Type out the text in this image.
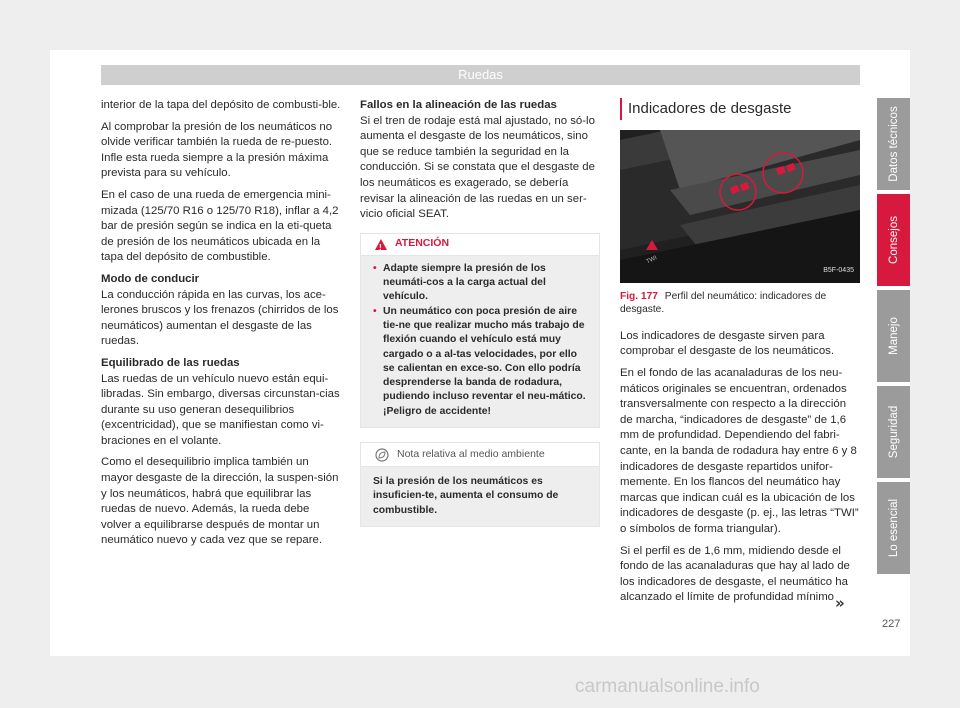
Ruedas

interior de la tapa del depósito de combusti-ble.

Al comprobar la presión de los neumáticos no olvide verificar también la rueda de re-puesto. Infle esta rueda siempre a la presión máxima prevista para su vehículo.

En el caso de una rueda de emergencia mini-mizada (125/70 R16 o 125/70 R18), inflar a 4,2 bar de presión según se indica en la eti-queta de presión de los neumáticos ubicada en la tapa del depósito de combustible.

Modo de conducir

La conducción rápida en las curvas, los ace-lerones bruscos y los frenazos (chirridos de los neumáticos) aumentan el desgaste de las ruedas.

Equilibrado de las ruedas

Las ruedas de un vehículo nuevo están equi-libradas. Sin embargo, diversas circunstan-cias durante su uso generan desequilibrios (excentricidad), que se manifiestan como vi-braciones en el volante.

Como el desequilibrio implica también un mayor desgaste de la dirección, la suspen-sión y los neumáticos, habrá que equilibrar las ruedas de nuevo. Además, la rueda debe volver a equilibrarse después de montar un neumático nuevo y cada vez que se repare.

Fallos en la alineación de las ruedas

Si el tren de rodaje está mal ajustado, no só-lo aumenta el desgaste de los neumáticos, sino que se reduce también la seguridad en la conducción. Si se constata que el desgaste de los neumáticos es exagerado, se debería revisar la alineación de las ruedas en un ser-vicio oficial SEAT.

!
ATENCIÓN
• Adapte siempre la presión de los neumáti-cos a la carga actual del vehículo.
• Un neumático con poca presión de aire tie-ne que realizar mucho más trabajo de flexión cuando el vehículo está muy cargado o a al-tas velocidades, por ello se calientan en exce-so. Con ello podría desprenderse la banda de rodadura, pudiendo incluso reventar el neu-mático. ¡Peligro de accidente!
Nota relativa al medio ambiente
Si la presión de los neumáticos es insuficien-te, aumenta el consumo de combustible.
Indicadores de desgaste
TWI
B5F-0435
Fig. 177 Perfil del neumático: indicadores de desgaste.

Los indicadores de desgaste sirven para comprobar el desgaste de los neumáticos.

En el fondo de las acanaladuras de los neu-máticos originales se encuentran, ordenados transversalmente con respecto a la dirección de marcha, “indicadores de desgaste” de 1,6 mm de profundidad. Dependiendo del fabri-cante, en la banda de rodadura hay entre 6 y 8 indicadores de desgaste repartidos unifor-memente. En los flancos del neumático hay marcas que indican cuál es la ubicación de los indicadores de desgaste (p. ej., las letras “TWI” o símbolos de forma triangular).

Si el perfil es de 1,6 mm, midiendo desde el fondo de las acanaladuras que hay al lado de los indicadores de desgaste, el neumático ha alcanzado el límite de profundidad mínimo

Datos técnicos
Consejos
Manejo
Seguridad
Lo esencial
»
227
carmanualsonline.info
